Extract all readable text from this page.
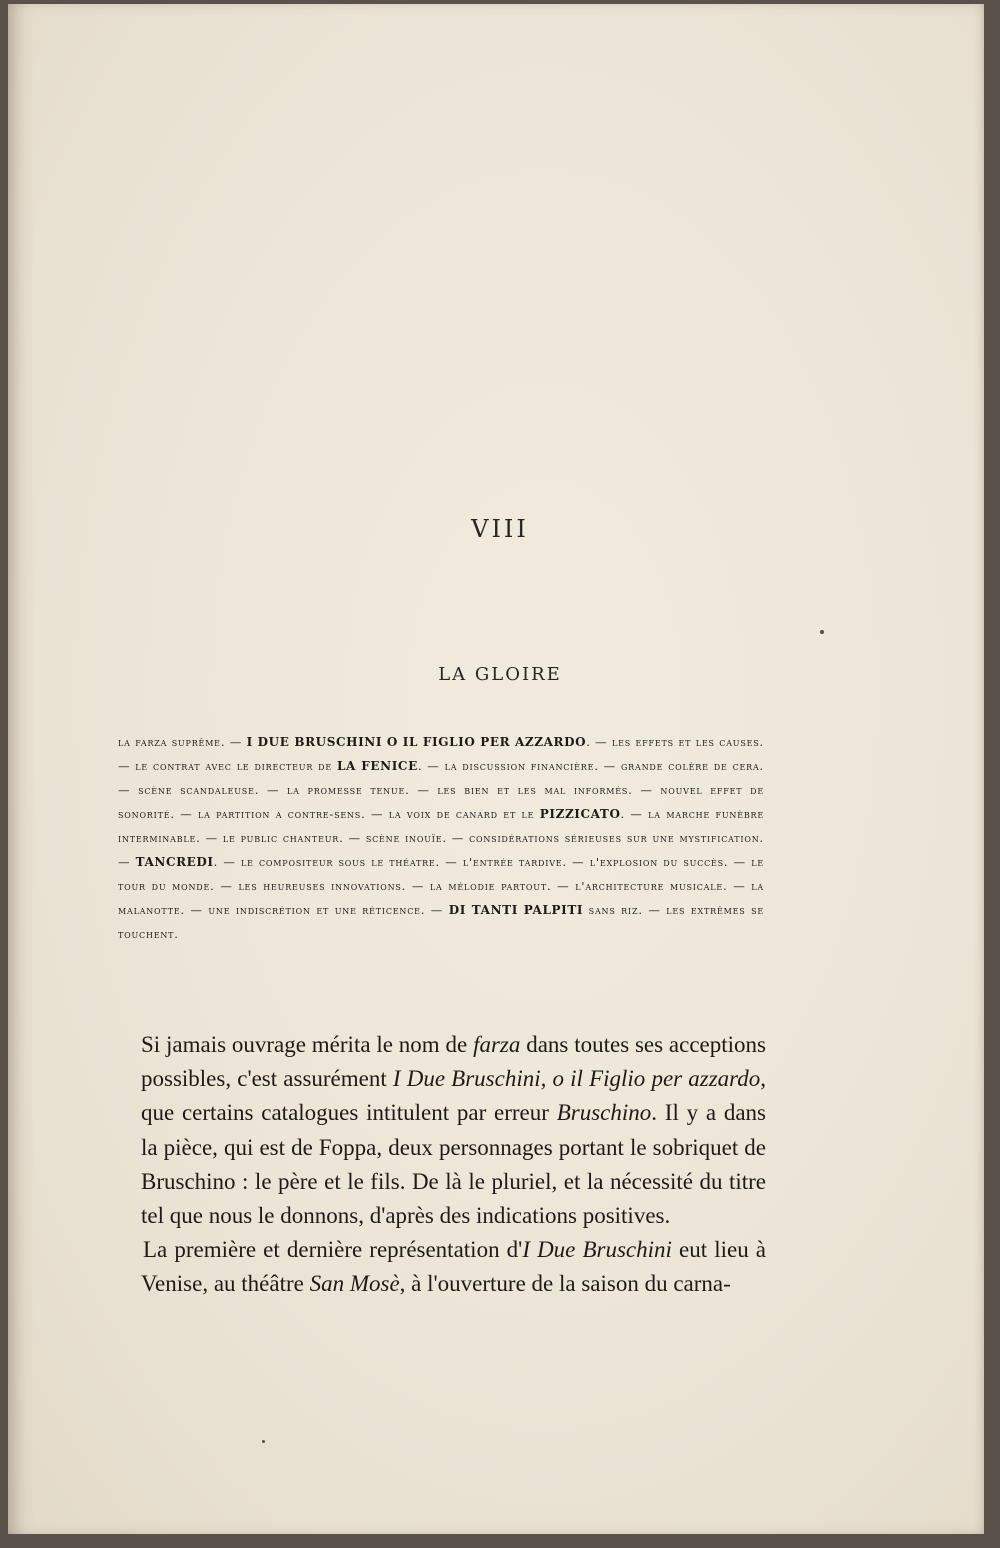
VIII
LA GLOIRE
la farza suprême. — I DUE BRUSCHINI O IL FIGLIO PER AZZARDO. — les effets et les causes. — le contrat avec le directeur de LA FENICE. — la discussion financière. — grande colère de cera. — scène scandaleuse. — la promesse tenue. — les bien et les mal informés. — nouvel effet de sonorité. — la partition a contre-sens. — la voix de canard et le PIZZICATO. — la marche funèbre interminable. — le public chanteur. — scène inouïe. — considérations sérieuses sur une mystification. — TANCREDI. — le compositeur sous le théatre. — l'entrée tardive. — l'explosion du succès. — le tour du monde. — les heureuses innovations. — la mélodie partout. — l'architecture musicale. — la malanotte. — une indiscrétion et une réticence. — DI TANTI PALPITI sans riz. — les extrêmes se touchent.

Si jamais ouvrage mérita le nom de farza dans toutes ses acceptions possibles, c'est assurément I Due Bruschini, o il Figlio per azzardo, que certains catalogues intitulent par erreur Bruschino. Il y a dans la pièce, qui est de Foppa, deux personnages portant le sobriquet de Bruschino : le père et le fils. De là le pluriel, et la nécessité du titre tel que nous le donnons, d'après des indications positives.

La première et dernière représentation d'I Due Bruschini eut lieu à Venise, au théâtre San Mosè, à l'ouverture de la saison du carna-
